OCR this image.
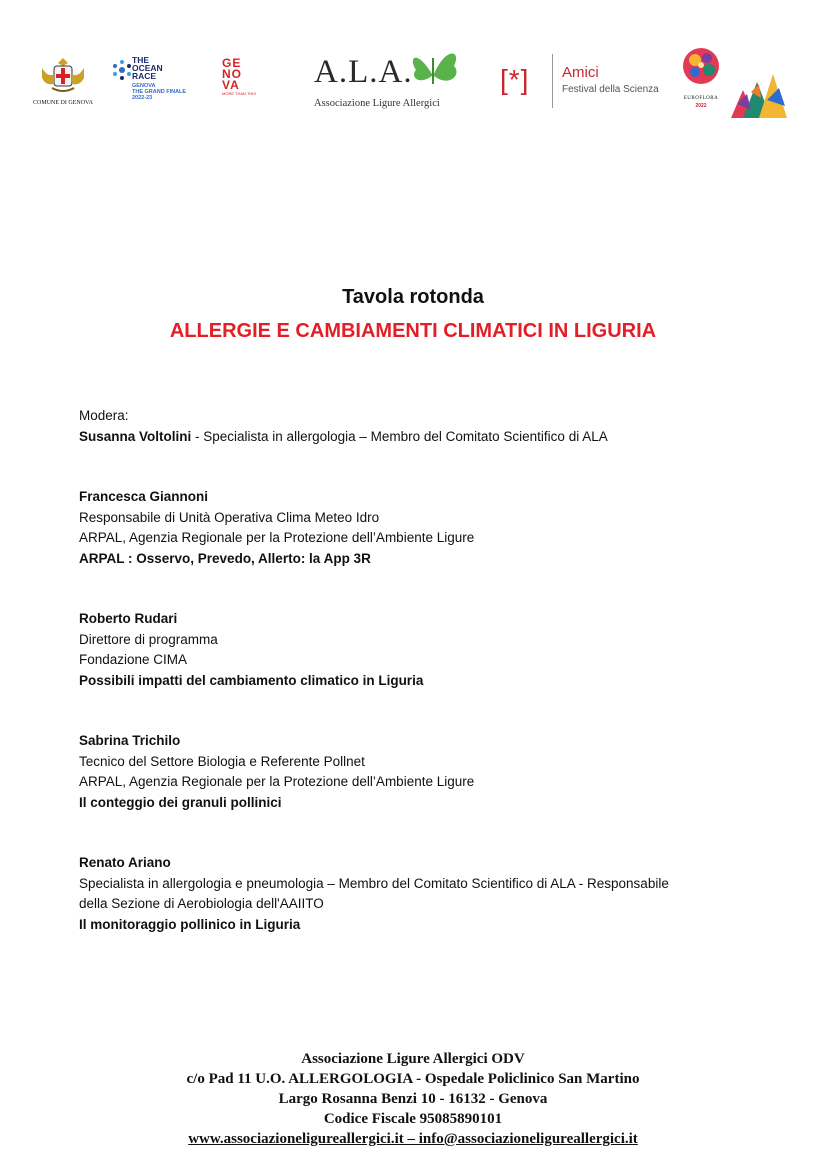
COMUNE DI GENOVA
THE
OCEAN
RACE
GENOVA
THE GRAND FINALE
2022-23
GE
NO
VA
MORE THAN THIS
A.L.A.
Associazione Ligure Allergici
[*] Amici
Festival della Scienza
EUROFLORA
2022

Tavola rotonda

ALLERGIE E CAMBIAMENTI CLIMATICI IN LIGURIA

Modera:

Susanna Voltolini - Specialista in allergologia – Membro del Comitato Scientifico di ALA

Francesca Giannoni

Responsabile di Unità Operativa Clima Meteo Idro

ARPAL, Agenzia Regionale per la Protezione dell’Ambiente Ligure

ARPAL : Osservo, Prevedo, Allerto: la App 3R

Roberto Rudari

Direttore di programma

Fondazione CIMA

Possibili impatti del cambiamento climatico in Liguria

Sabrina Trichilo

Tecnico del Settore Biologia e Referente Pollnet

ARPAL, Agenzia Regionale per la Protezione dell’Ambiente Ligure

Il conteggio dei granuli pollinici

Renato Ariano

Specialista in allergologia e pneumologia – Membro del Comitato Scientifico di ALA - Responsabile

della Sezione di Aerobiologia dell'AAIITO

Il monitoraggio pollinico in Liguria

Associazione Ligure Allergici ODV

c/o Pad 11 U.O. ALLERGOLOGIA - Ospedale Policlinico San Martino

Largo Rosanna Benzi 10 - 16132 - Genova

Codice Fiscale 95085890101

www.associazioneligureallergici.it – info@associazioneligureallergici.it
